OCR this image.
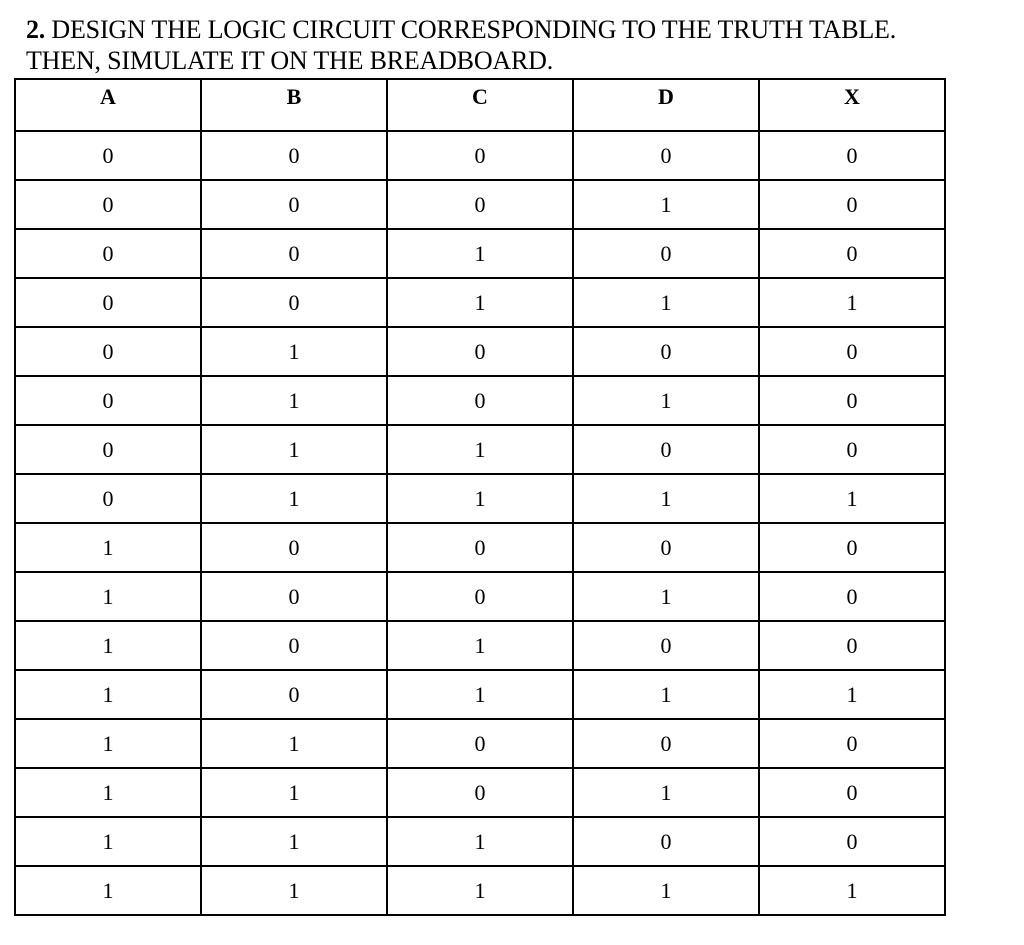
2. DESIGN THE LOGIC CIRCUIT CORRESPONDING TO THE TRUTH TABLE.
THEN, SIMULATE IT ON THE BREADBOARD.
A	B	C	D	X
0	0	0	0	0
0	0	0	1	0
0	0	1	0	0
0	0	1	1	1
0	1	0	0	0
0	1	0	1	0
0	1	1	0	0
0	1	1	1	1
1	0	0	0	0
1	0	0	1	0
1	0	1	0	0
1	0	1	1	1
1	1	0	0	0
1	1	0	1	0
1	1	1	0	0
1	1	1	1	1
